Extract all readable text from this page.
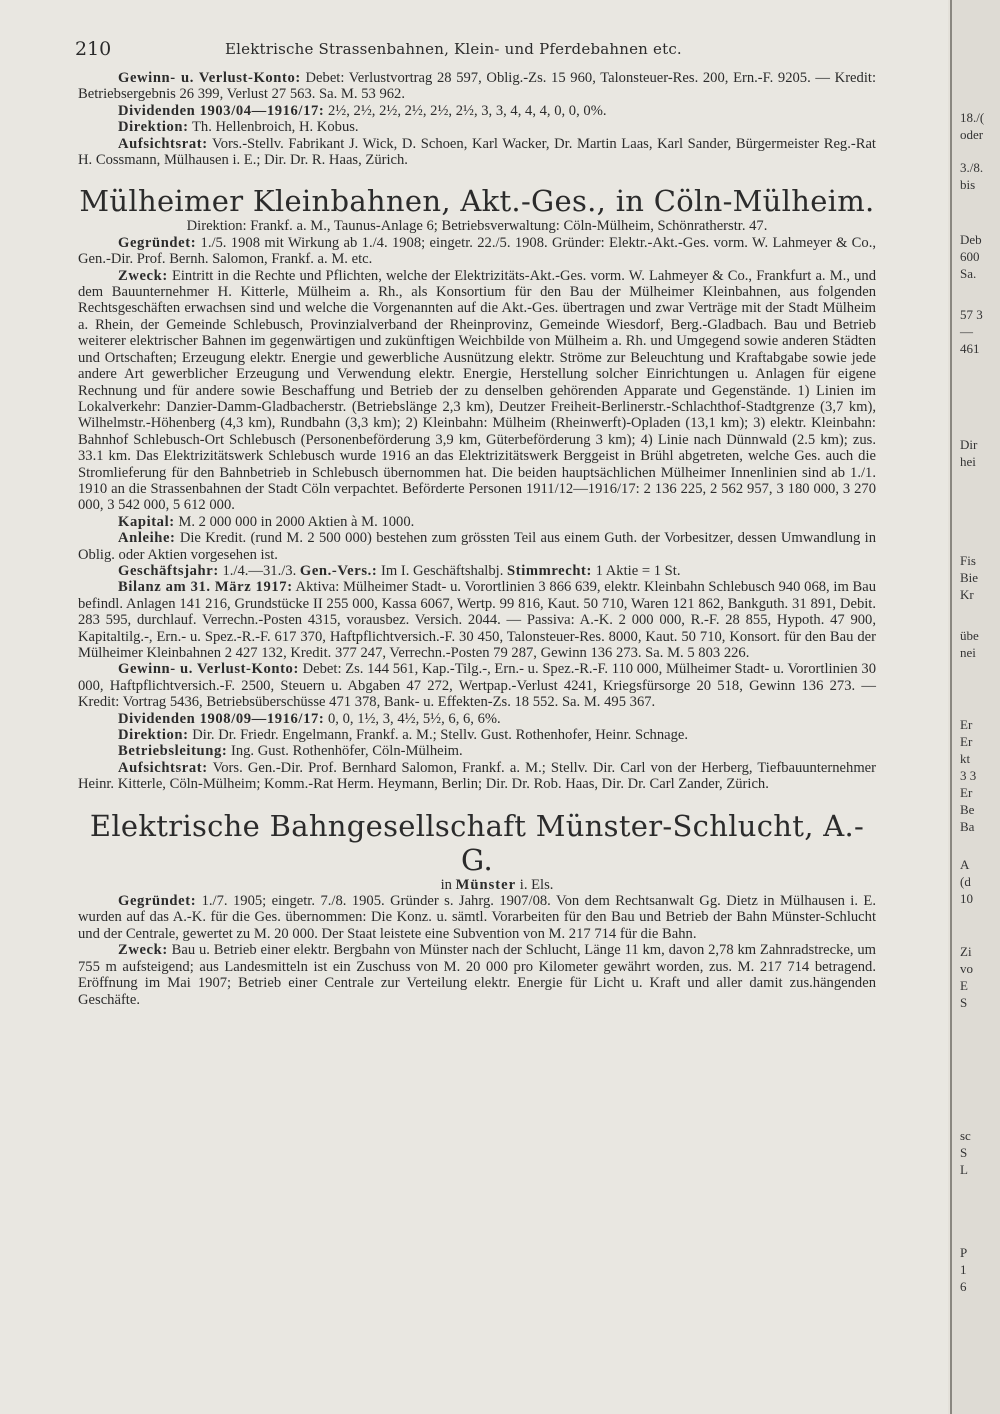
210	Elektrische Strassenbahnen, Klein- und Pferdebahnen etc.

Gewinn- u. Verlust-Konto: Debet: Verlustvortrag 28 597, Oblig.-Zs. 15 960, Talonsteuer-Res. 200, Ern.-F. 9205. — Kredit: Betriebsergebnis 26 399, Verlust 27 563. Sa. M. 53 962.

Dividenden 1903/04—1916/17: 2½, 2½, 2½, 2½, 2½, 2½, 3, 3, 4, 4, 4, 0, 0, 0%.

Direktion: Th. Hellenbroich, H. Kobus.

Aufsichtsrat: Vors.-Stellv. Fabrikant J. Wick, D. Schoen, Karl Wacker, Dr. Martin Laas, Karl Sander, Bürgermeister Reg.-Rat H. Cossmann, Mülhausen i. E.; Dir. Dr. R. Haas, Zürich.

Mülheimer Kleinbahnen, Akt.-Ges., in Cöln-Mülheim.

Direktion: Frankf. a. M., Taunus-Anlage 6; Betriebsverwaltung: Cöln-Mülheim, Schönratherstr. 47.

Gegründet: 1./5. 1908 mit Wirkung ab 1./4. 1908; eingetr. 22./5. 1908. Gründer: Elektr.-Akt.-Ges. vorm. W. Lahmeyer & Co., Gen.-Dir. Prof. Bernh. Salomon, Frankf. a. M. etc.

Zweck: Eintritt in die Rechte und Pflichten, welche der Elektrizitäts-Akt.-Ges. vorm. W. Lahmeyer & Co., Frankfurt a. M., und dem Bauunternehmer H. Kitterle, Mülheim a. Rh., als Konsortium für den Bau der Mülheimer Kleinbahnen, aus folgenden Rechtsgeschäften erwachsen sind und welche die Vorgenannten auf die Akt.-Ges. übertragen und zwar Verträge mit der Stadt Mülheim a. Rhein, der Gemeinde Schlebusch, Provinzialverband der Rheinprovinz, Gemeinde Wiesdorf, Berg.-Gladbach. Bau und Betrieb weiterer elektrischer Bahnen im gegenwärtigen und zukünftigen Weichbilde von Mülheim a. Rh. und Umgegend sowie anderen Städten und Ortschaften; Erzeugung elektr. Energie und gewerbliche Ausnützung elektr. Ströme zur Beleuchtung und Kraftabgabe sowie jede andere Art gewerblicher Erzeugung und Verwendung elektr. Energie, Herstellung solcher Einrichtungen u. Anlagen für eigene Rechnung und für andere sowie Beschaffung und Betrieb der zu denselben gehörenden Apparate und Gegenstände. 1) Linien im Lokalverkehr: Danzier-Damm-Gladbacherstr. (Betriebslänge 2,3 km), Deutzer Freiheit-Berlinerstr.-Schlachthof-Stadtgrenze (3,7 km), Wilhelmstr.-Höhenberg (4,3 km), Rundbahn (3,3 km); 2) Kleinbahn: Mülheim (Rheinwerft)-Opladen (13,1 km); 3) elektr. Kleinbahn: Bahnhof Schlebusch-Ort Schlebusch (Personenbeförderung 3,9 km, Güterbeförderung 3 km); 4) Linie nach Dünnwald (2.5 km); zus. 33.1 km. Das Elektrizitätswerk Schlebusch wurde 1916 an das Elektrizitätswerk Berggeist in Brühl abgetreten, welche Ges. auch die Stromlieferung für den Bahnbetrieb in Schlebusch übernommen hat. Die beiden hauptsächlichen Mülheimer Innenlinien sind ab 1./1. 1910 an die Strassenbahnen der Stadt Cöln verpachtet. Beförderte Personen 1911/12—1916/17: 2 136 225, 2 562 957, 3 180 000, 3 270 000, 3 542 000, 5 612 000.

Kapital: M. 2 000 000 in 2000 Aktien à M. 1000.

Anleihe: Die Kredit. (rund M. 2 500 000) bestehen zum grössten Teil aus einem Guth. der Vorbesitzer, dessen Umwandlung in Oblig. oder Aktien vorgesehen ist.

Geschäftsjahr: 1./4.—31./3. Gen.-Vers.: Im I. Geschäftshalbj. Stimmrecht: 1 Aktie = 1 St.

Bilanz am 31. März 1917: Aktiva: Mülheimer Stadt- u. Vorortlinien 3 866 639, elektr. Kleinbahn Schlebusch 940 068, im Bau befindl. Anlagen 141 216, Grundstücke II 255 000, Kassa 6067, Wertp. 99 816, Kaut. 50 710, Waren 121 862, Bankguth. 31 891, Debit. 283 595, durchlauf. Verrechn.-Posten 4315, vorausbez. Versich. 2044. — Passiva: A.-K. 2 000 000, R.-F. 28 855, Hypoth. 47 900, Kapitaltilg.-, Ern.- u. Spez.-R.-F. 617 370, Haftpflichtversich.-F. 30 450, Talonsteuer-Res. 8000, Kaut. 50 710, Konsort. für den Bau der Mülheimer Kleinbahnen 2 427 132, Kredit. 377 247, Verrechn.-Posten 79 287, Gewinn 136 273. Sa. M. 5 803 226.

Gewinn- u. Verlust-Konto: Debet: Zs. 144 561, Kap.-Tilg.-, Ern.- u. Spez.-R.-F. 110 000, Mülheimer Stadt- u. Vorortlinien 30 000, Haftpflichtversich.-F. 2500, Steuern u. Abgaben 47 272, Wertpap.-Verlust 4241, Kriegsfürsorge 20 518, Gewinn 136 273. — Kredit: Vortrag 5436, Betriebsüberschüsse 471 378, Bank- u. Effekten-Zs. 18 552. Sa. M. 495 367.

Dividenden 1908/09—1916/17: 0, 0, 1½, 3, 4½, 5½, 6, 6, 6%.

Direktion: Dir. Dr. Friedr. Engelmann, Frankf. a. M.; Stellv. Gust. Rothenhofer, Heinr. Schnage.

Betriebsleitung: Ing. Gust. Rothenhöfer, Cöln-Mülheim.

Aufsichtsrat: Vors. Gen.-Dir. Prof. Bernhard Salomon, Frankf. a. M.; Stellv. Dir. Carl von der Herberg, Tiefbauunternehmer Heinr. Kitterle, Cöln-Mülheim; Komm.-Rat Herm. Heymann, Berlin; Dir. Dr. Rob. Haas, Dir. Dr. Carl Zander, Zürich.

Elektrische Bahngesellschaft Münster-Schlucht, A.-G.

in Münster i. Els.

Gegründet: 1./7. 1905; eingetr. 7./8. 1905. Gründer s. Jahrg. 1907/08. Von dem Rechtsanwalt Gg. Dietz in Mülhausen i. E. wurden auf das A.-K. für die Ges. übernommen: Die Konz. u. sämtl. Vorarbeiten für den Bau und Betrieb der Bahn Münster-Schlucht und der Centrale, gewertet zu M. 20 000. Der Staat leistete eine Subvention von M. 217 714 für die Bahn.

Zweck: Bau u. Betrieb einer elektr. Bergbahn von Münster nach der Schlucht, Länge 11 km, davon 2,78 km Zahnradstrecke, um 755 m aufsteigend; aus Landesmitteln ist ein Zuschuss von M. 20 000 pro Kilometer gewährt worden, zus. M. 217 714 betragend. Eröffnung im Mai 1907; Betrieb einer Centrale zur Verteilung elektr. Energie für Licht u. Kraft und aller damit zus.hängenden Geschäfte.

18./(
oder
3./8.
bis
Deb
600
Sa.
57 3
—
461
Dir
hei
Fis
Bie
Kr
übe
nei
Er
Er
kt
3 3
Er
Be
Ba
A
(d
10
Zi
vo
E
S
sc
S
L
P
1
6
